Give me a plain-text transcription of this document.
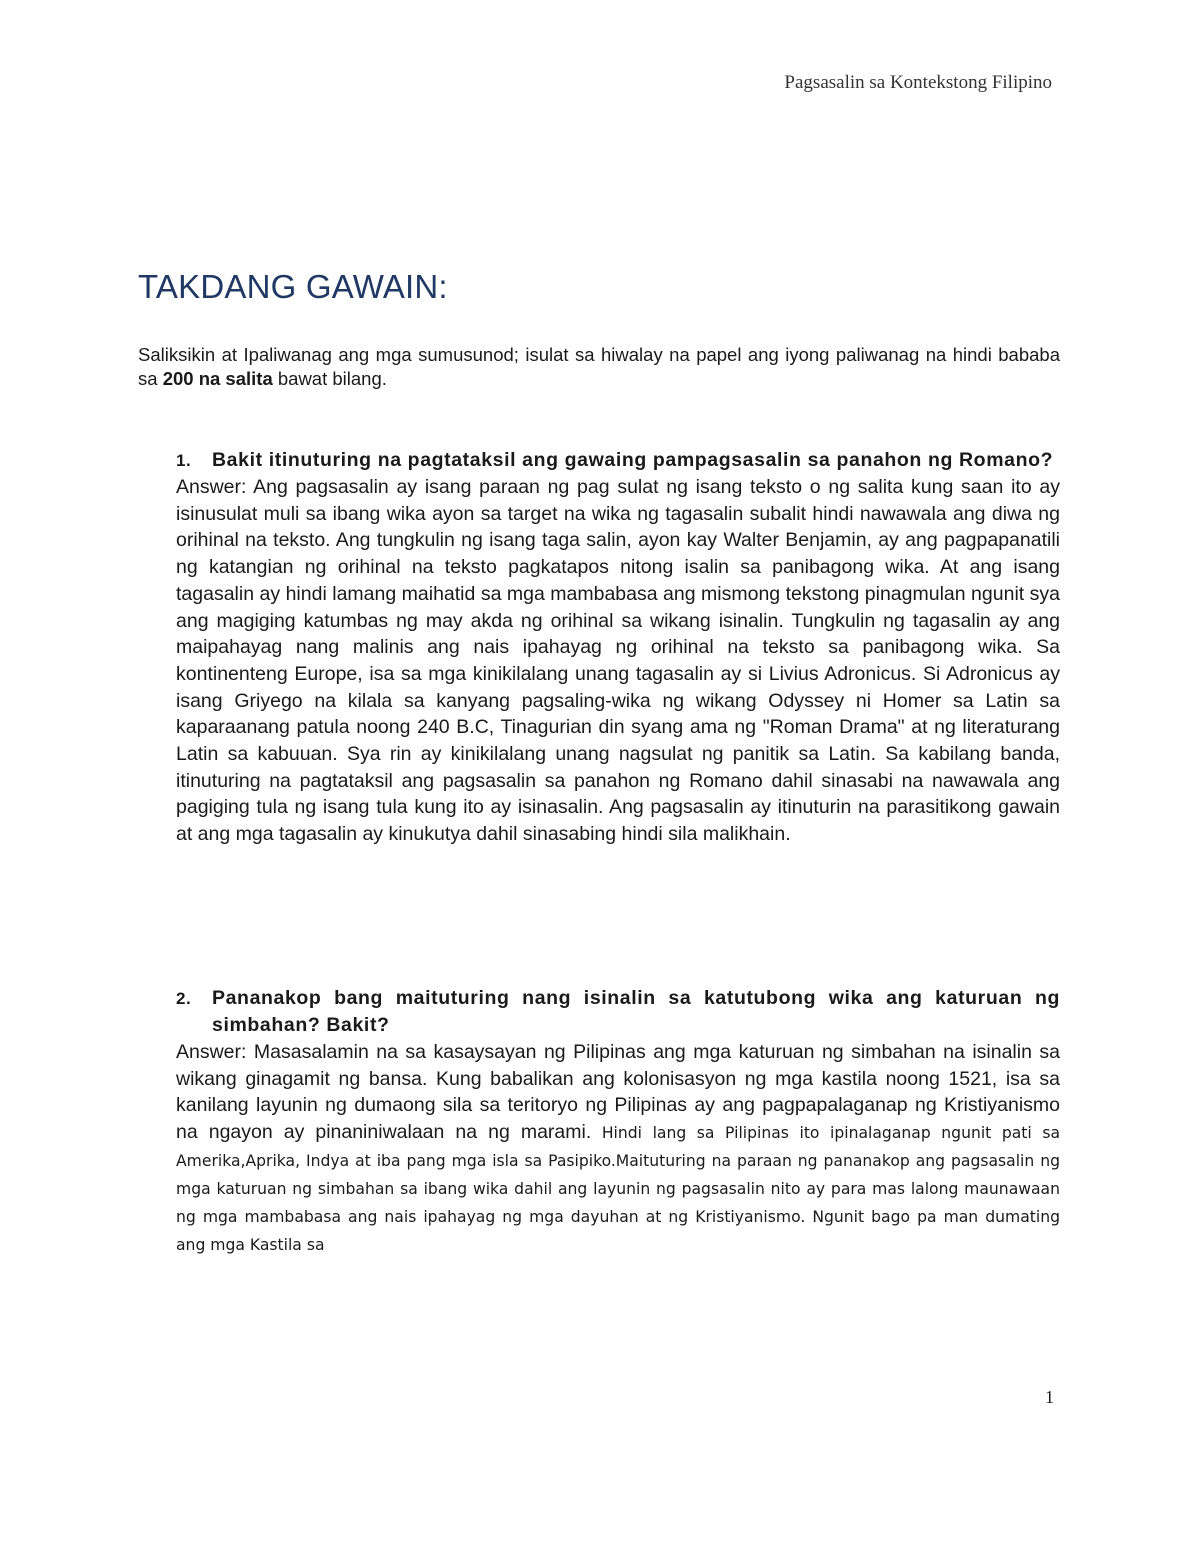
Pagsasalin sa Kontekstong Filipino
TAKDANG GAWAIN:
Saliksikin at Ipaliwanag ang mga sumusunod; isulat sa hiwalay na papel ang iyong paliwanag na hindi bababa sa 200 na salita bawat bilang.
1. Bakit itinuturing na pagtataksil ang gawaing pampagsasalin sa panahon ng Romano?
Answer: Ang pagsasalin ay isang paraan ng pag sulat ng isang teksto o ng salita kung saan ito ay isinusulat muli sa ibang wika ayon sa target na wika ng tagasalin subalit hindi nawawala ang diwa ng orihinal na teksto. Ang tungkulin ng isang taga salin, ayon kay Walter Benjamin, ay ang pagpapanatili ng katangian ng orihinal na teksto pagkatapos nitong isalin sa panibagong wika. At ang isang tagasalin ay hindi lamang maihatid sa mga mambabasa ang mismong tekstong pinagmulan ngunit sya ang magiging katumbas ng may akda ng orihinal sa wikang isinalin. Tungkulin ng tagasalin ay ang maipahayag nang malinis ang nais ipahayag ng orihinal na teksto sa panibagong wika. Sa kontinenteng Europe, isa sa mga kinikilalang unang tagasalin ay si Livius Adronicus. Si Adronicus ay isang Griyego na kilala sa kanyang pagsaling-wika ng wikang Odyssey ni Homer sa Latin sa kaparaanang patula noong 240 B.C, Tinagurian din syang ama ng "Roman Drama" at ng literaturang Latin sa kabuuan. Sya rin ay kinikilalang unang nagsulat ng panitik sa Latin. Sa kabilang banda, itinuturing na pagtataksil ang pagsasalin sa panahon ng Romano dahil sinasabi na nawawala ang pagiging tula ng isang tula kung ito ay isinasalin. Ang pagsasalin ay itinuturin na parasitikong gawain at ang mga tagasalin ay kinukutya dahil sinasabing hindi sila malikhain.
2. Pananakop bang maituturing nang isinalin sa katutubong wika ang katuruan ng simbahan? Bakit?
Answer: Masasalamin na sa kasaysayan ng Pilipinas ang mga katuruan ng simbahan na isinalin sa wikang ginagamit ng bansa. Kung babalikan ang kolonisasyon ng mga kastila noong 1521, isa sa kanilang layunin ng dumaong sila sa teritoryo ng Pilipinas ay ang pagpapalaganap ng Kristiyanismo na ngayon ay pinaniniwalaan na ng marami. Hindi lang sa Pilipinas ito ipinalaganap ngunit pati sa Amerika,Aprika, Indya at iba pang mga isla sa Pasipiko.Maituturing na paraan ng pananakop ang pagsasalin ng mga katuruan ng simbahan sa ibang wika dahil ang layunin ng pagsasalin nito ay para mas lalong maunawaan ng mga mambabasa ang nais ipahayag ng mga dayuhan at ng Kristiyanismo. Ngunit bago pa man dumating ang mga Kastila sa
1
